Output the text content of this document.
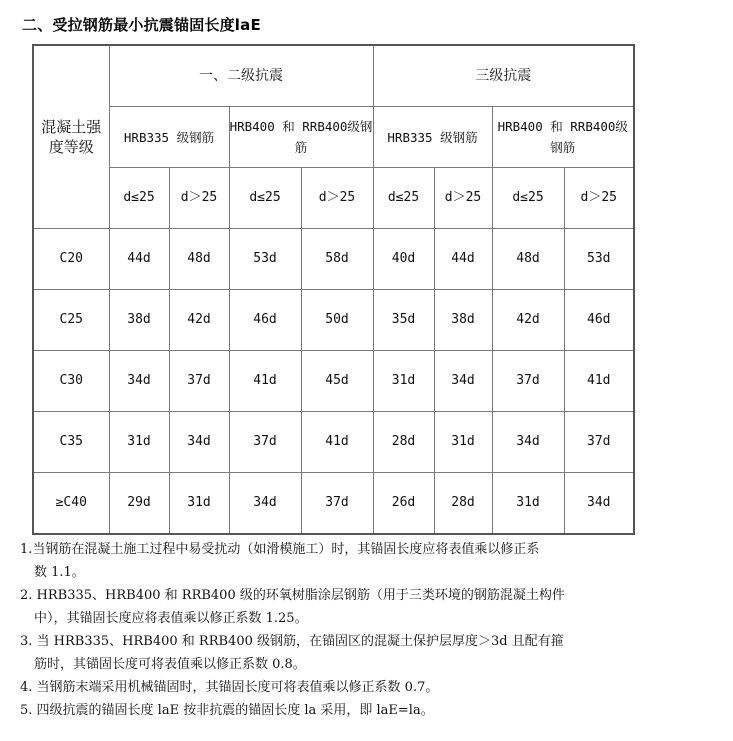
二、受拉钢筋最小抗震锚固长度laE
混凝土强度等级	一、二级抗震				三级抗震			
	HRB335 级钢筋		HRB400 和 RRB400级钢筋		HRB335 级钢筋		HRB400 和 RRB400级钢筋	
	d≤25	d＞25	d≤25	d＞25	d≤25	d＞25	d≤25	d＞25
C20	44d	48d	53d	58d	40d	44d	48d	53d
C25	38d	42d	46d	50d	35d	38d	42d	46d
C30	34d	37d	41d	45d	31d	34d	37d	41d
C35	31d	34d	37d	41d	28d	31d	34d	37d
≥C40	29d	31d	34d	37d	26d	28d	31d	34d

1.当钢筋在混凝土施工过程中易受扰动（如滑模施工）时，其锚固长度应将表值乘以修正系

数 1.1。

2. HRB335、HRB400 和 RRB400 级的环氧树脂涂层钢筋（用于三类环境的钢筋混凝土构件

中），其锚固长度应将表值乘以修正系数 1.25。

3. 当 HRB335、HRB400 和 RRB400 级钢筋，在锚固区的混凝土保护层厚度＞3d 且配有箍

筋时，其锚固长度可将表值乘以修正系数 0.8。

4. 当钢筋末端采用机械锚固时，其锚固长度可将表值乘以修正系数 0.7。

5. 四级抗震的锚固长度 laE 按非抗震的锚固长度 la 采用，即 laE=la。
